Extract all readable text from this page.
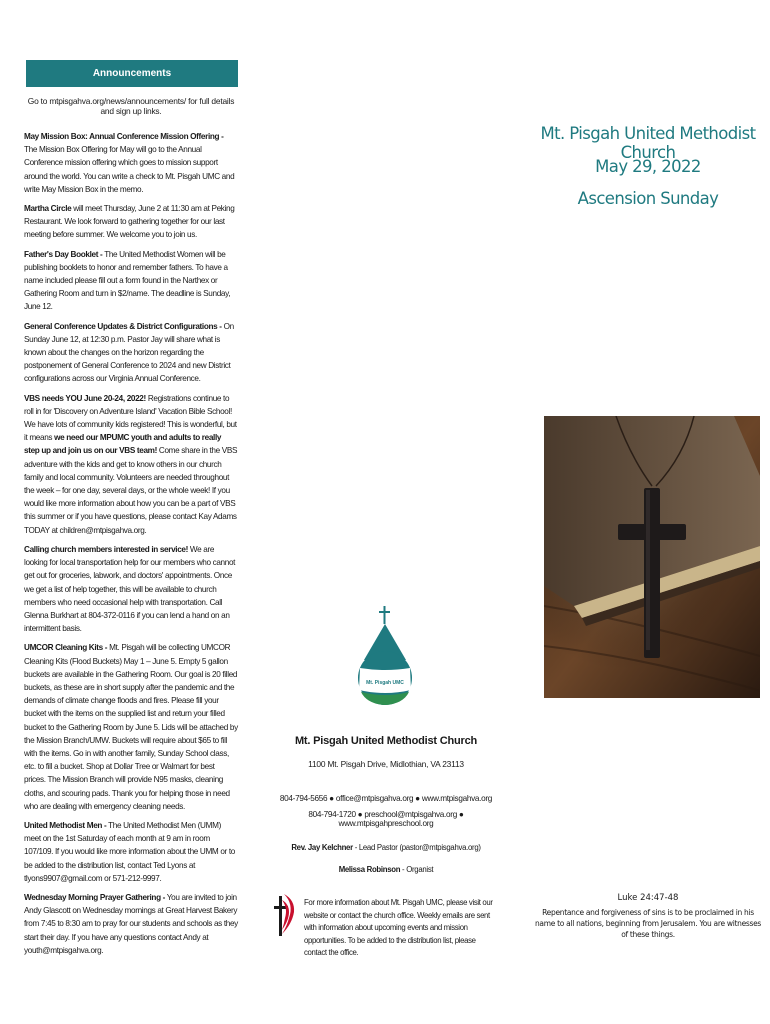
Announcements
Go to mtpisgahva.org/news/announcements/ for full details and sign up links.

May Mission Box: Annual Conference Mission Offering - The Mission Box Offering for May will go to the Annual Conference mission offering which goes to mission support around the world. You can write a check to Mt. Pisgah UMC and write May Mission Box in the memo.

Martha Circle will meet Thursday, June 2 at 11:30 am at Peking Restaurant. We look forward to gathering together for our last meeting before summer. We welcome you to join us.

Father's Day Booklet - The United Methodist Women will be publishing booklets to honor and remember fathers. To have a name included please fill out a form found in the Narthex or Gathering Room and turn in $2/name. The deadline is Sunday, June 12.

General Conference Updates & District Configurations - On Sunday June 12, at 12:30 p.m. Pastor Jay will share what is known about the changes on the horizon regarding the postponement of General Conference to 2024 and new District configurations across our Virginia Annual Conference.

VBS needs YOU June 20-24, 2022! Registrations continue to roll in for 'Discovery on Adventure Island' Vacation Bible School! We have lots of community kids registered! This is wonderful, but it means we need our MPUMC youth and adults to really step up and join us on our VBS team! Come share in the VBS adventure with the kids and get to know others in our church family and local community. Volunteers are needed throughout the week – for one day, several days, or the whole week! If you would like more information about how you can be a part of VBS this summer or if you have questions, please contact Kay Adams TODAY at children@mtpisgahva.org.

Calling church members interested in service! We are looking for local transportation help for our members who cannot get out for groceries, labwork, and doctors' appointments. Once we get a list of help together, this will be available to church members who need occasional help with transportation. Call Glenna Burkhart at 804-372-0116 if you can lend a hand on an intermittent basis.

UMCOR Cleaning Kits - Mt. Pisgah will be collecting UMCOR Cleaning Kits (Flood Buckets) May 1 – June 5. Empty 5 gallon buckets are available in the Gathering Room. Our goal is 20 filled buckets, as these are in short supply after the pandemic and the demands of climate change floods and fires. Please fill your bucket with the items on the supplied list and return your filled bucket to the Gathering Room by June 5. Lids will be attached by the Mission Branch/UMW. Buckets will require about $65 to fill with the items. Go in with another family, Sunday School class, etc. to fill a bucket. Shop at Dollar Tree or Walmart for best prices. The Mission Branch will provide N95 masks, cleaning cloths, and scouring pads. Thank you for helping those in need who are dealing with emergency cleaning needs.

United Methodist Men - The United Methodist Men (UMM) meet on the 1st Saturday of each month at 9 am in room 107/109. If you would like more information about the UMM or to be added to the distribution list, contact Ted Lyons at tlyons9907@gmail.com or 571-212-9997.

Wednesday Morning Prayer Gathering - You are invited to join Andy Glascott on Wednesday mornings at Great Harvest Bakery from 7:45 to 8:30 am to pray for our students and schools as they start their day. If you have any questions contact Andy at youth@mtpisgahva.org.

Mt. Pisgah UMC
Mt. Pisgah United Methodist Church
1100 Mt. Pisgah Drive, Midlothian, VA 23113
804-794-5656 ● office@mtpisgahva.org ● www.mtpisgahva.org
804-794-1720 ● preschool@mtpisgahva.org ● www.mtpisgahpreschool.org
Rev. Jay Kelchner - Lead Pastor (pastor@mtpisgahva.org)
Melissa Robinson - Organist
For more information about Mt. Pisgah UMC, please visit our website or contact the church office. Weekly emails are sent with information about upcoming events and mission opportunities. To be added to the distribution list, please contact the office.
Mt. Pisgah United Methodist Church
May 29, 2022
Ascension Sunday
Luke 24:47-48
Repentance and forgiveness of sins is to be proclaimed in his name to all nations, beginning from Jerusalem. You are witnesses of these things.
